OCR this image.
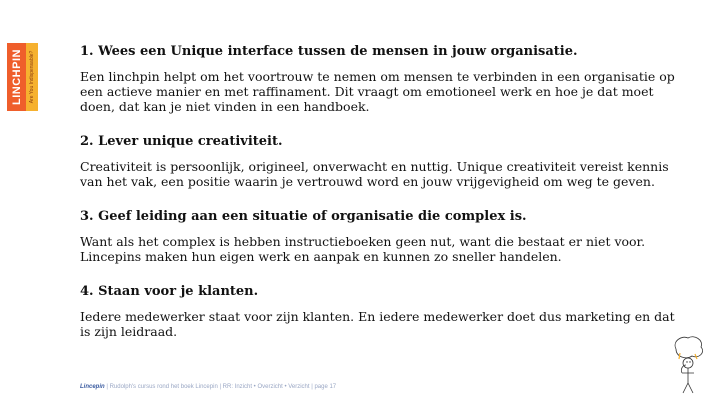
LINCHPIN Are You Indispensable?	1. Wees een Unique interface tussen de mensen in jouw organisatie.

Een linchpin helpt om het voortrouw te nemen om mensen te verbinden in een organisatie op een actieve manier en met raffinament. Dit vraagt om emotioneel werk en hoe je dat moet doen, dat kan je niet vinden in een handboek.

2. Lever unique creativiteit.

Creativiteit is persoonlijk, origineel, onverwacht en nuttig. Unique creativiteit vereist kennis van het vak, een positie waarin je vertrouwd word en jouw vrijgevigheid om weg te geven.

3. Geef leiding aan een situatie of organisatie die complex is.

Want als het complex is hebben instructieboeken geen nut, want die bestaat er niet voor. Lincepins maken hun eigen werk en aanpak en kunnen zo sneller handelen.

4. Staan voor je klanten.

Iedere medewerker staat voor zijn klanten. En iedere medewerker doet dus marketing en dat is zijn leidraad.

Lincepin | Rudolph's cursus rond het boek Lincepin | RR: Inzicht • Overzicht • Verzicht | page 17
